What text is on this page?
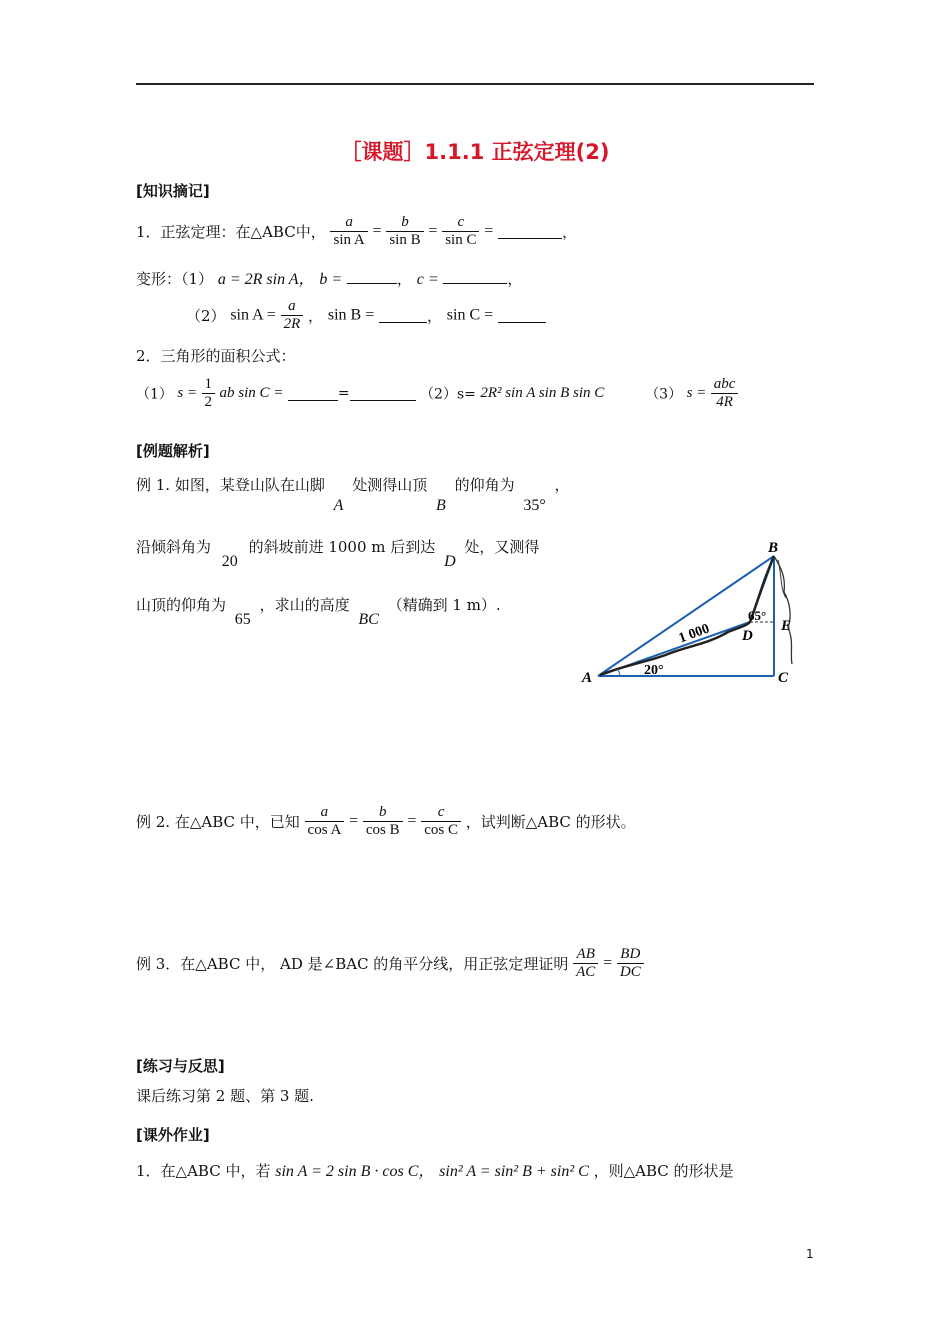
［课题］1.1.1 正弦定理(2)
[知识摘记]
1．正弦定理：在△ABC中， $\frac{a}{\text{sin A}} = \frac{b}{\text{sin B}} = \frac{c}{\text{sin C}}$ =	，
变形：（1） a = 2R sin A， b =	， c =	，
（2） $\sin A = \frac{a}{2R}$ ， sin B =	， sin C =
2．三角形的面积公式：
（1） $s = \frac{1}{2}$ ab sin C =	=	（2）s= 2R² sin A sin B sin C	（3） $s = \frac{\text{abc}}{4R}$
[例题解析]
例 1. 如图，某登山队在山脚 A 处测得山顶 B 的仰角为 35° ，
沿倾斜角为 20 的斜坡前进 1000 m 后到达 D 处，又测得
山顶的仰角为 65 ，求山的高度 BC （精确到 1 m）.
B
A	C
D
E
1 000
20°
65°
例 2. 在△ABC 中，已知 $\frac{a}{\text{cos A}} = \frac{b}{\text{cos B}} = \frac{c}{\text{cos C}}$ ，试判断△ABC 的形状。
例 3．在△ABC 中， AD 是∠BAC 的角平分线，用正弦定理证明 $\frac{AB}{AC} = \frac{BD}{DC}$
[练习与反思]
课后练习第 2 题、第 3 题.
[课外作业]
1．在△ABC 中，若 sin A = 2 sin B · cos C， sin² A = sin² B + sin² C ，则△ABC 的形状是
1
